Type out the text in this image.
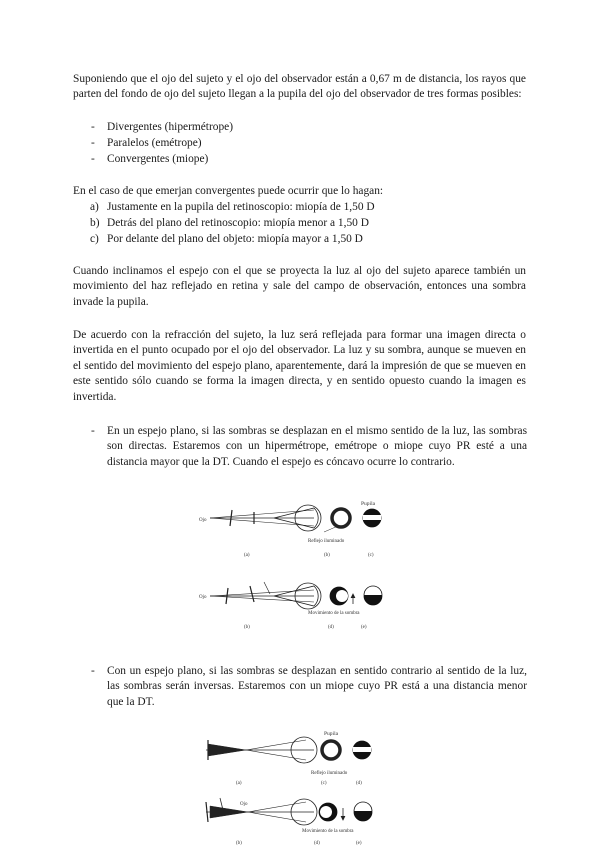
Suponiendo que el ojo del sujeto y el ojo del observador están a 0,67 m de distancia, los rayos que parten del fondo de ojo del sujeto llegan a la pupila del ojo del observador de tres formas posibles:

- Divergentes (hipermétrope)
- Paralelos (emétrope)
- Convergentes (miope)
En el caso de que emerjan convergentes puede ocurrir que lo hagan:
a) Justamente en la pupila del retinoscopio: miopía de 1,50 D
b) Detrás del plano del retinoscopio: miopía menor a 1,50 D
c) Por delante del plano del objeto: miopía mayor a 1,50 D

Cuando inclinamos el espejo con el que se proyecta la luz al ojo del sujeto aparece también un movimiento del haz reflejado en retina y sale del campo de observación, entonces una sombra invade la pupila.

De acuerdo con la refracción del sujeto, la luz será reflejada para formar una imagen directa o invertida en el punto ocupado por el ojo del observador. La luz y su sombra, aunque se mueven en el sentido del movimiento del espejo plano, aparentemente, dará la impresión de que se mueven en este sentido sólo cuando se forma la imagen directa, y en sentido opuesto cuando la imagen es invertida.

- En un espejo plano, si las sombras se desplazan en el mismo sentido de la luz, las sombras son directas. Estaremos con un hipermétrope, emétrope o miope cuyo PR esté a una distancia mayor que la DT. Cuando el espejo es cóncavo ocurre lo contrario.

Pupila
Ojo
Reflejo iluminado
(a)	(b)	(c)
Ojo
Movimiento de la sombra
(b)	(d)	(e)
- Con un espejo plano, si las sombras se desplazan en sentido contrario al sentido de la luz, las sombras serán inversas. Estaremos con un miope cuyo PR está a una distancia menor que la DT.

Pupila
Reflejo iluminado
(a)	(c)	(d)
Ojo
Movimiento de la sombra
(b)	(d)	(e)
